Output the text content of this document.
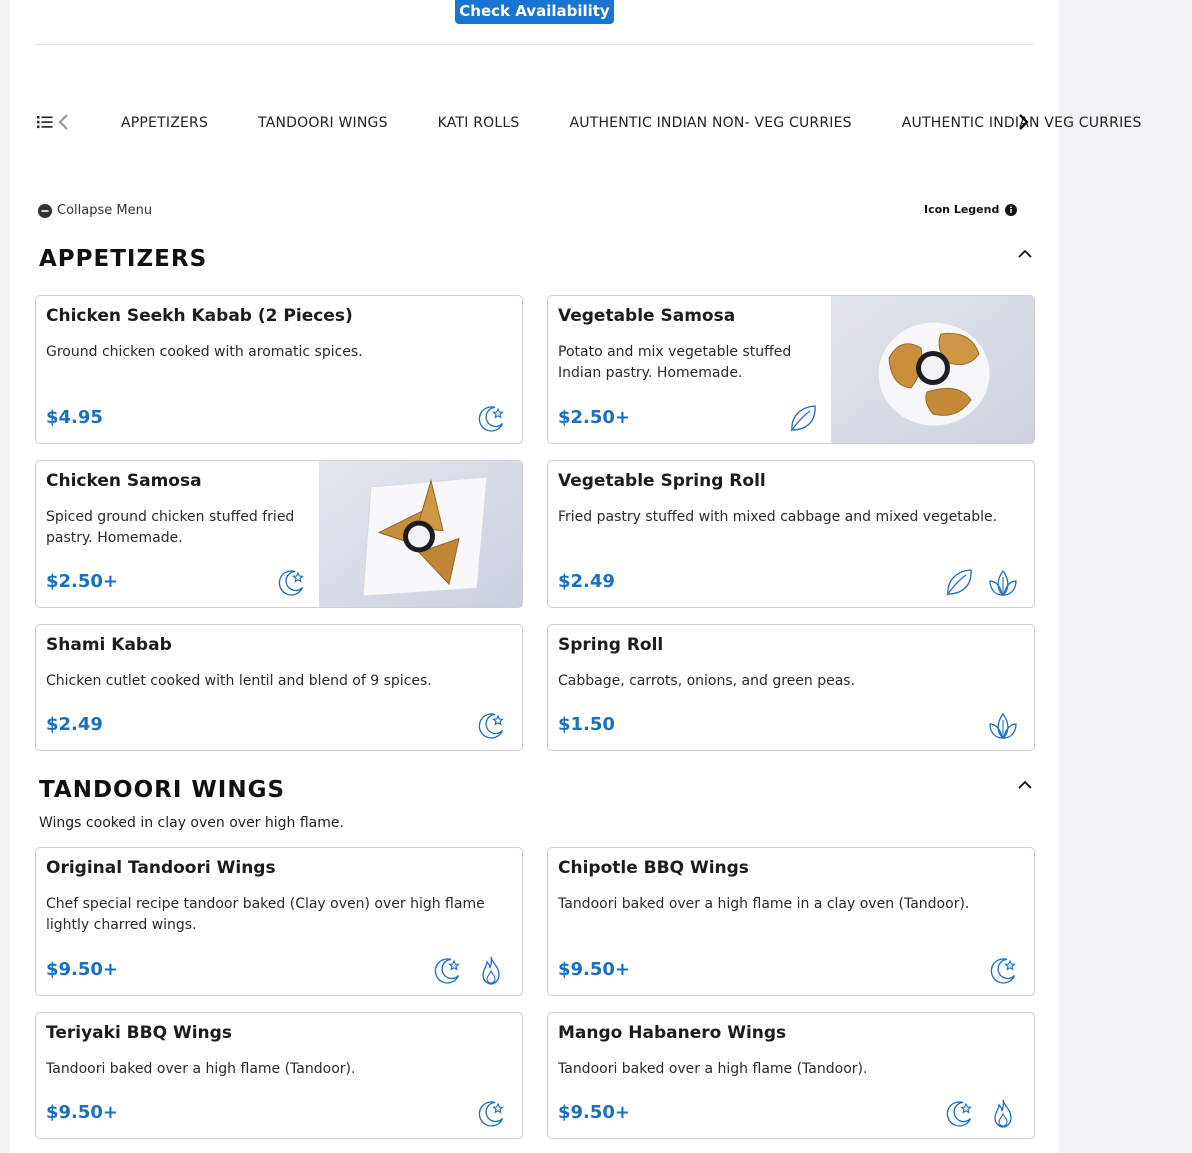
Check Availability
APPETIZERS	TANDOORI WINGS	KATI ROLLS	AUTHENTIC INDIAN NON- VEG CURRIES	AUTHENTIC INDIAN VEG CURRIES
Collapse Menu	Icon Legend
APPETIZERS
Chicken Seekh Kabab (2 Pieces)
Ground chicken cooked with aromatic spices.
$4.95
Vegetable Samosa
Potato and mix vegetable stuffed Indian pastry. Homemade.
$2.50+
Chicken Samosa
Spiced ground chicken stuffed fried pastry. Homemade.
$2.50+
Vegetable Spring Roll
Fried pastry stuffed with mixed cabbage and mixed vegetable.
$2.49
Shami Kabab
Chicken cutlet cooked with lentil and blend of 9 spices.
$2.49
Spring Roll
Cabbage, carrots, onions, and green peas.
$1.50
TANDOORI WINGS
Wings cooked in clay oven over high flame.
Original Tandoori Wings
Chef special recipe tandoor baked (Clay oven) over high flame lightly charred wings.
$9.50+
Chipotle BBQ Wings
Tandoori baked over a high flame in a clay oven (Tandoor).
$9.50+
Teriyaki BBQ Wings
Tandoori baked over a high flame (Tandoor).
$9.50+
Mango Habanero Wings
Tandoori baked over a high flame (Tandoor).
$9.50+
